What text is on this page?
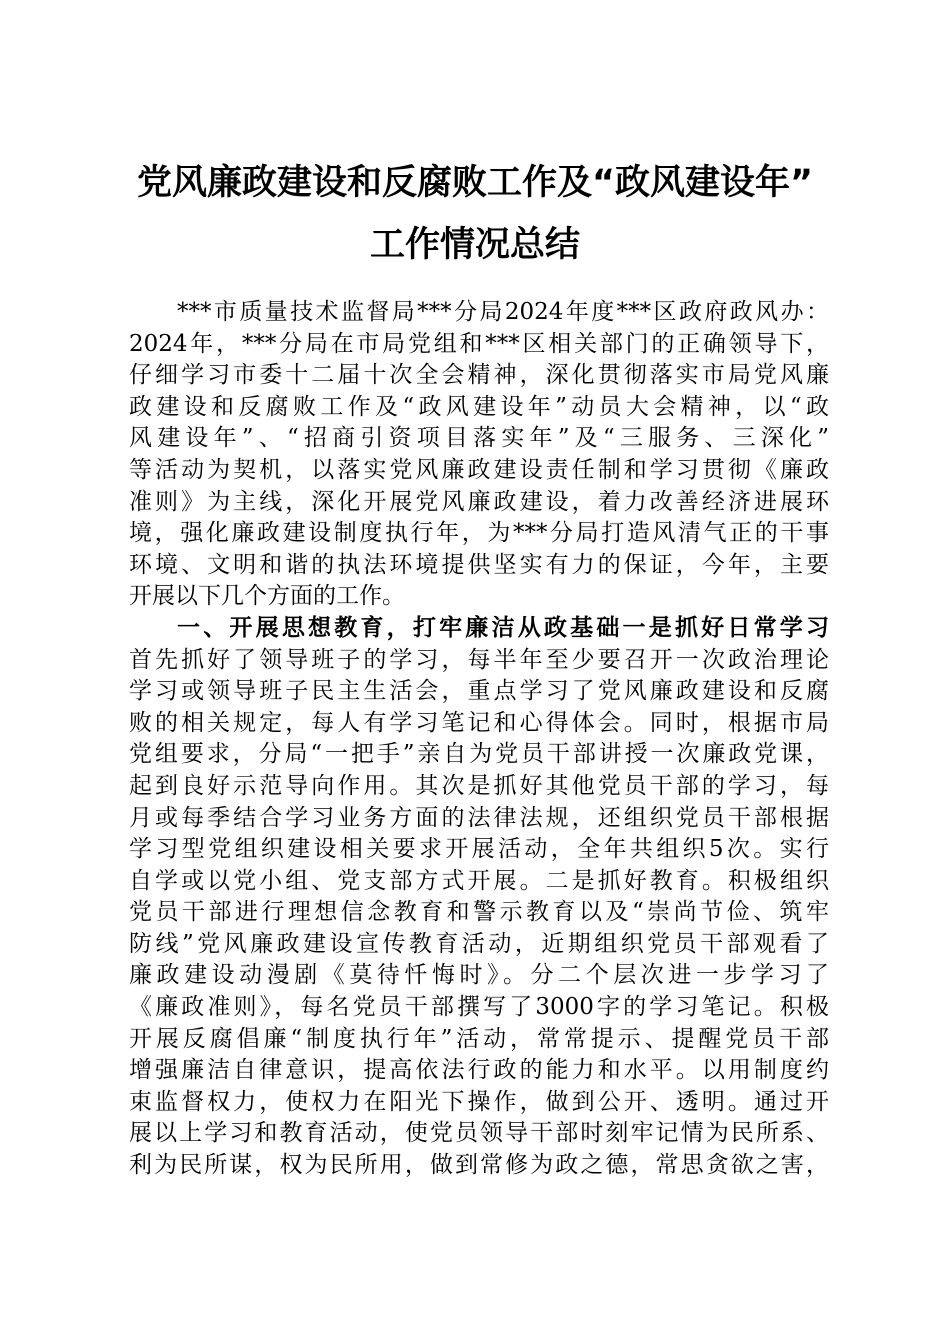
党风廉政建设和反腐败工作及“政风建设年”
工作情况总结
***市质量技术监督局***分局2024年度***区政府政风办：
2024年，***分局在市局党组和***区相关部门的正确领导下，
仔细学习市委十二届十次全会精神，深化贯彻落实市局党风廉
政建设和反腐败工作及“政风建设年”动员大会精神，以“政
风建设年”、“招商引资项目落实年”及“三服务、三深化”
等活动为契机，以落实党风廉政建设责任制和学习贯彻《廉政
准则》为主线，深化开展党风廉政建设，着力改善经济进展环
境，强化廉政建设制度执行年，为***分局打造风清气正的干事
环境、文明和谐的执法环境提供坚实有力的保证，今年，主要
开展以下几个方面的工作。
一、开展思想教育，打牢廉洁从政基础一是抓好日常学习
首先抓好了领导班子的学习，每半年至少要召开一次政治理论
学习或领导班子民主生活会，重点学习了党风廉政建设和反腐
败的相关规定，每人有学习笔记和心得体会。同时，根据市局
党组要求，分局“一把手”亲自为党员干部讲授一次廉政党课，
起到良好示范导向作用。其次是抓好其他党员干部的学习，每
月或每季结合学习业务方面的法律法规，还组织党员干部根据
学习型党组织建设相关要求开展活动，全年共组织5次。实行
自学或以党小组、党支部方式开展。二是抓好教育。积极组织
党员干部进行理想信念教育和警示教育以及“崇尚节俭、筑牢
防线”党风廉政建设宣传教育活动，近期组织党员干部观看了
廉政建设动漫剧《莫待忏悔时》。分二个层次进一步学习了
《廉政准则》，每名党员干部撰写了3000字的学习笔记。积极
开展反腐倡廉“制度执行年”活动，常常提示、提醒党员干部
增强廉洁自律意识，提高依法行政的能力和水平。以用制度约
束监督权力，使权力在阳光下操作，做到公开、透明。通过开
展以上学习和教育活动，使党员领导干部时刻牢记情为民所系、
利为民所谋，权为民所用，做到常修为政之德，常思贪欲之害，
